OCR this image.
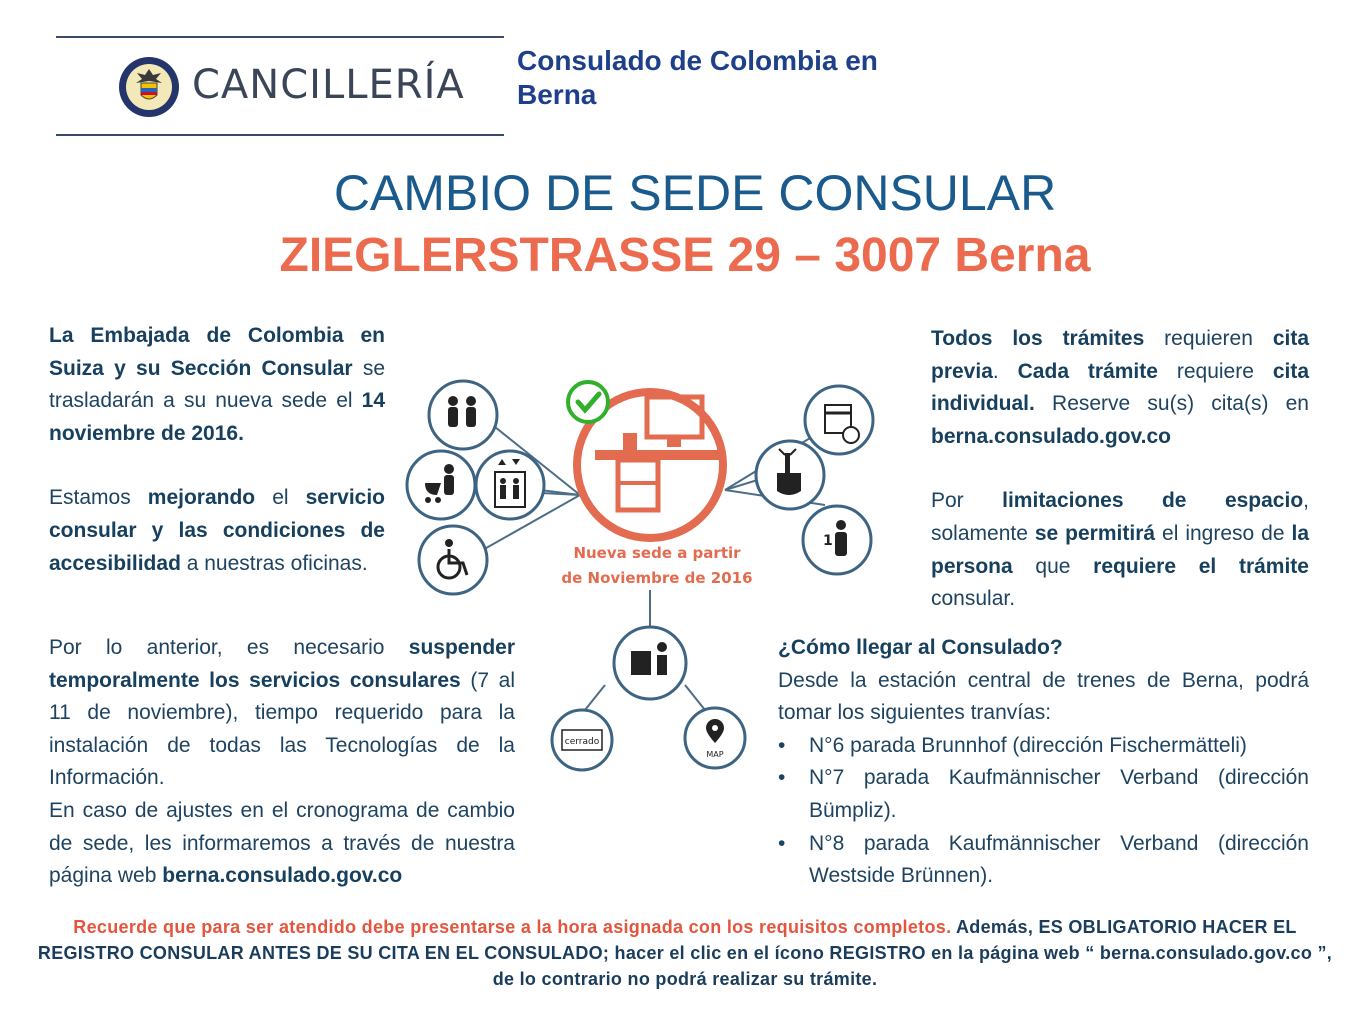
CANCILLERÍA
Consulado de Colombia en
Berna
CAMBIO DE SEDE CONSULAR
ZIEGLERSTRASSE 29 – 3007 Berna
La Embajada de Colombia en Suiza y su Sección Consular se trasladarán a su nueva sede el 14 noviembre de 2016.
Estamos mejorando el servicio consular y las condiciones de accesibilidad a nuestras oficinas.
Por lo anterior, es necesario suspender temporalmente los servicios consulares (7 al 11 de noviembre), tiempo requerido para la instalación de todas las Tecnologías de la Información.
En caso de ajustes en el cronograma de cambio de sede, les informaremos a través de nuestra página web berna.consulado.gov.co
Todos los trámites requieren cita previa. Cada trámite requiere cita individual. Reserve su(s) cita(s) en berna.consulado.gov.co
Por limitaciones de espacio, solamente se permitirá el ingreso de la persona que requiere el trámite consular.
¿Cómo llegar al Consulado?
Desde la estación central de trenes de Berna, podrá tomar los siguientes tranvías:
• N°6 parada Brunnhof (dirección Fischermätteli)
• N°7 parada Kaufmännischer Verband (dirección Bümpliz).
• N°8 parada Kaufmännischer Verband (dirección Westside Brünnen).
Nueva sede a partir
de Noviembre de 2016
1
cerrado
MAP
Recuerde que para ser atendido debe presentarse a la hora asignada con los requisitos completos. Además, ES OBLIGATORIO HACER EL REGISTRO CONSULAR ANTES DE SU CITA EN EL CONSULADO; hacer el clic en el ícono REGISTRO en la página web “ berna.consulado.gov.co ”, de lo contrario no podrá realizar su trámite.
